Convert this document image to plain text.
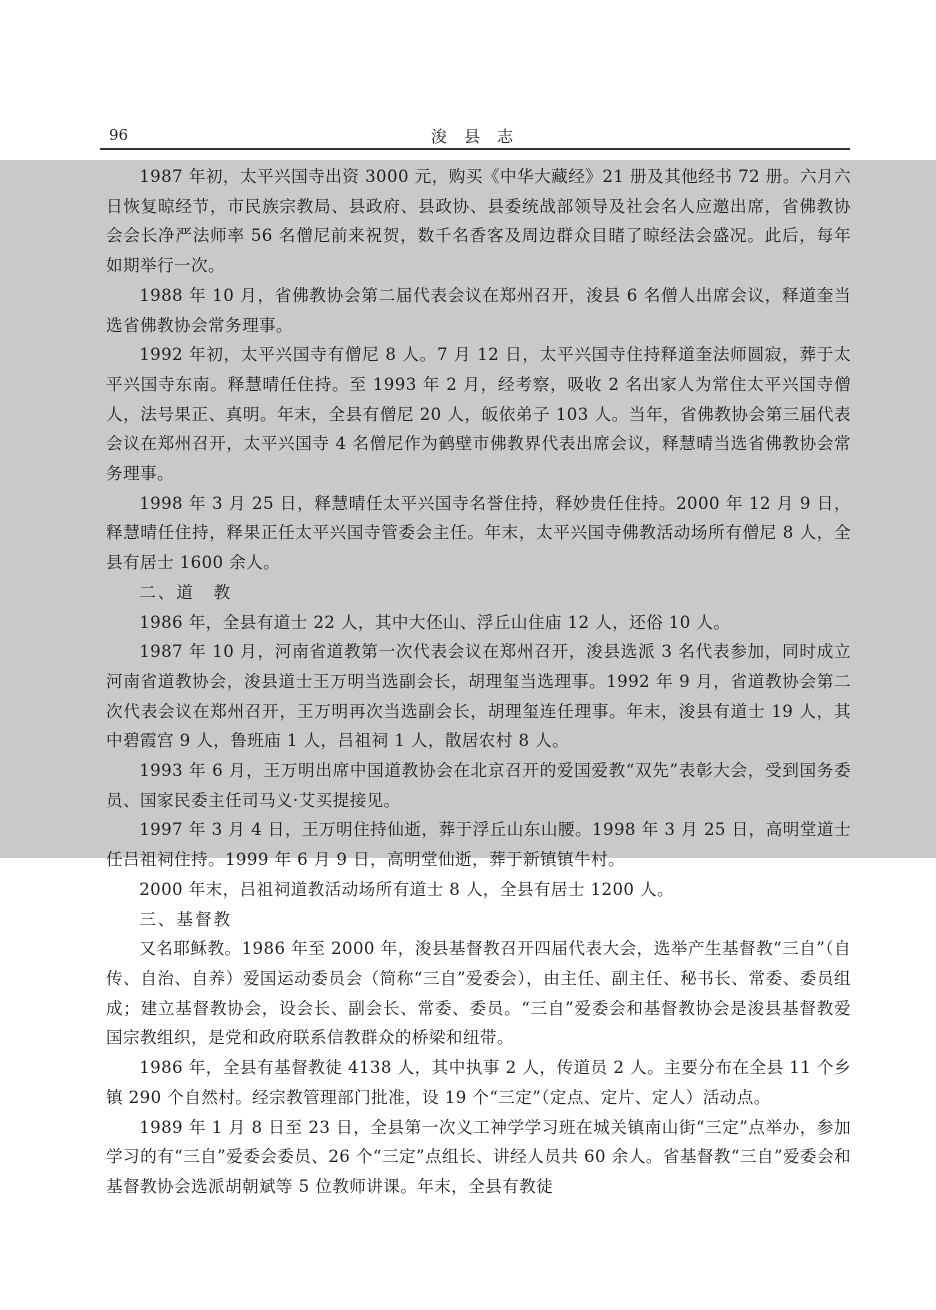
96	浚 县 志

1987 年初，太平兴国寺出资 3000 元，购买《中华大藏经》21 册及其他经书 72 册。六月六日恢复晾经节，市民族宗教局、县政府、县政协、县委统战部领导及社会名人应邀出席，省佛教协会会长净严法师率 56 名僧尼前来祝贺，数千名香客及周边群众目睹了晾经法会盛况。此后，每年如期举行一次。

1988 年 10 月，省佛教协会第二届代表会议在郑州召开，浚县 6 名僧人出席会议，释道奎当选省佛教协会常务理事。

1992 年初，太平兴国寺有僧尼 8 人。7 月 12 日，太平兴国寺住持释道奎法师圆寂，葬于太平兴国寺东南。释慧晴任住持。至 1993 年 2 月，经考察，吸收 2 名出家人为常住太平兴国寺僧人，法号果正、真明。年末，全县有僧尼 20 人，皈依弟子 103 人。当年，省佛教协会第三届代表会议在郑州召开，太平兴国寺 4 名僧尼作为鹤壁市佛教界代表出席会议，释慧晴当选省佛教协会常务理事。

1998 年 3 月 25 日，释慧晴任太平兴国寺名誉住持，释妙贵任住持。2000 年 12 月 9 日，释慧晴任住持，释果正任太平兴国寺管委会主任。年末，太平兴国寺佛教活动场所有僧尼 8 人，全县有居士 1600 余人。

二、道　教

1986 年，全县有道士 22 人，其中大伾山、浮丘山住庙 12 人，还俗 10 人。

1987 年 10 月，河南省道教第一次代表会议在郑州召开，浚县选派 3 名代表参加，同时成立河南省道教协会，浚县道士王万明当选副会长，胡理玺当选理事。1992 年 9 月，省道教协会第二次代表会议在郑州召开，王万明再次当选副会长，胡理玺连任理事。年末，浚县有道士 19 人，其中碧霞宫 9 人，鲁班庙 1 人，吕祖祠 1 人，散居农村 8 人。

1993 年 6 月，王万明出席中国道教协会在北京召开的爱国爱教“双先”表彰大会，受到国务委员、国家民委主任司马义·艾买提接见。

1997 年 3 月 4 日，王万明住持仙逝，葬于浮丘山东山腰。1998 年 3 月 25 日，高明堂道士任吕祖祠住持。1999 年 6 月 9 日，高明堂仙逝，葬于新镇镇牛村。

2000 年末，吕祖祠道教活动场所有道士 8 人，全县有居士 1200 人。

三、基督教

又名耶稣教。1986 年至 2000 年，浚县基督教召开四届代表大会，选举产生基督教“三自”（自传、自治、自养）爱国运动委员会（简称“三自”爱委会），由主任、副主任、秘书长、常委、委员组成；建立基督教协会，设会长、副会长、常委、委员。“三自”爱委会和基督教协会是浚县基督教爱国宗教组织，是党和政府联系信教群众的桥梁和纽带。

1986 年，全县有基督教徒 4138 人，其中执事 2 人，传道员 2 人。主要分布在全县 11 个乡镇 290 个自然村。经宗教管理部门批准，设 19 个“三定”（定点、定片、定人）活动点。

1989 年 1 月 8 日至 23 日，全县第一次义工神学学习班在城关镇南山街“三定”点举办，参加学习的有“三自”爱委会委员、26 个“三定”点组长、讲经人员共 60 余人。省基督教“三自”爱委会和基督教协会选派胡朝斌等 5 位教师讲课。年末，全县有教徒
